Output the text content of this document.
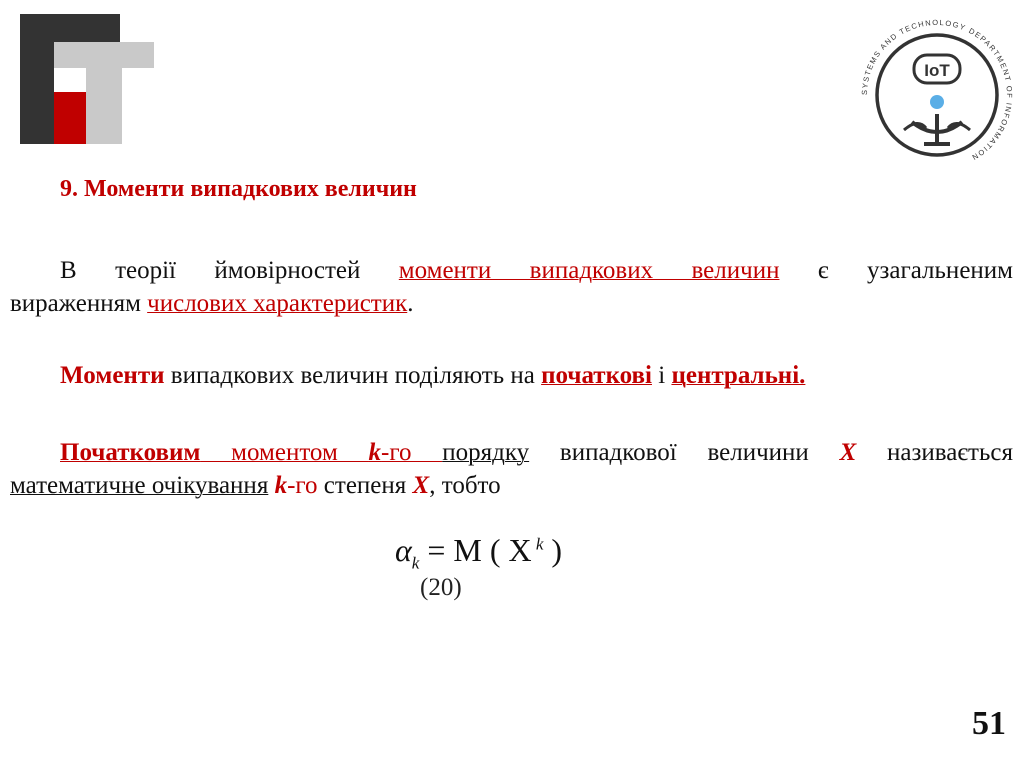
SYSTEMS AND TECHNOLOGY DEPARTMENT OF INFORMATION
IoT
9. Моменти випадкових величин
В теорії ймовірностей моменти випадкових величин є узагальненим
вираженням числових характеристик.
Моменти випадкових величин поділяють на початкові і центральні.
Початковим моментом k-го порядку випадкової величини X називається
математичне очікування k-го степеня X, тобто
$\alpha_k = M$ ( X $^k$ )
(20)
51
